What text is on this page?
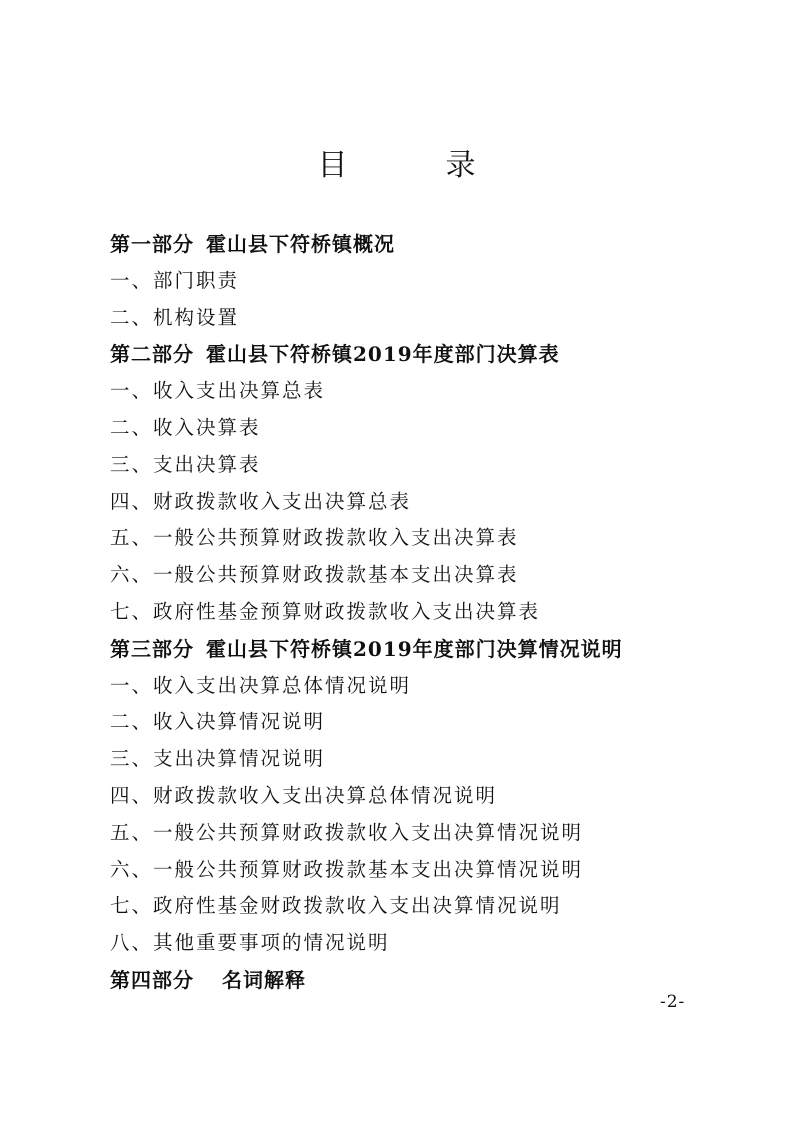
目　录
第一部分 霍山县下符桥镇概况
一、部门职责
二、机构设置
第二部分 霍山县下符桥镇2019年度部门决算表
一、收入支出决算总表
二、收入决算表
三、支出决算表
四、财政拨款收入支出决算总表
五、一般公共预算财政拨款收入支出决算表
六、一般公共预算财政拨款基本支出决算表
七、政府性基金预算财政拨款收入支出决算表
第三部分 霍山县下符桥镇2019年度部门决算情况说明
一、收入支出决算总体情况说明
二、收入决算情况说明
三、支出决算情况说明
四、财政拨款收入支出决算总体情况说明
五、一般公共预算财政拨款收入支出决算情况说明
六、一般公共预算财政拨款基本支出决算情况说明
七、政府性基金财政拨款收入支出决算情况说明
八、其他重要事项的情况说明
第四部分 名词解释
-2-
